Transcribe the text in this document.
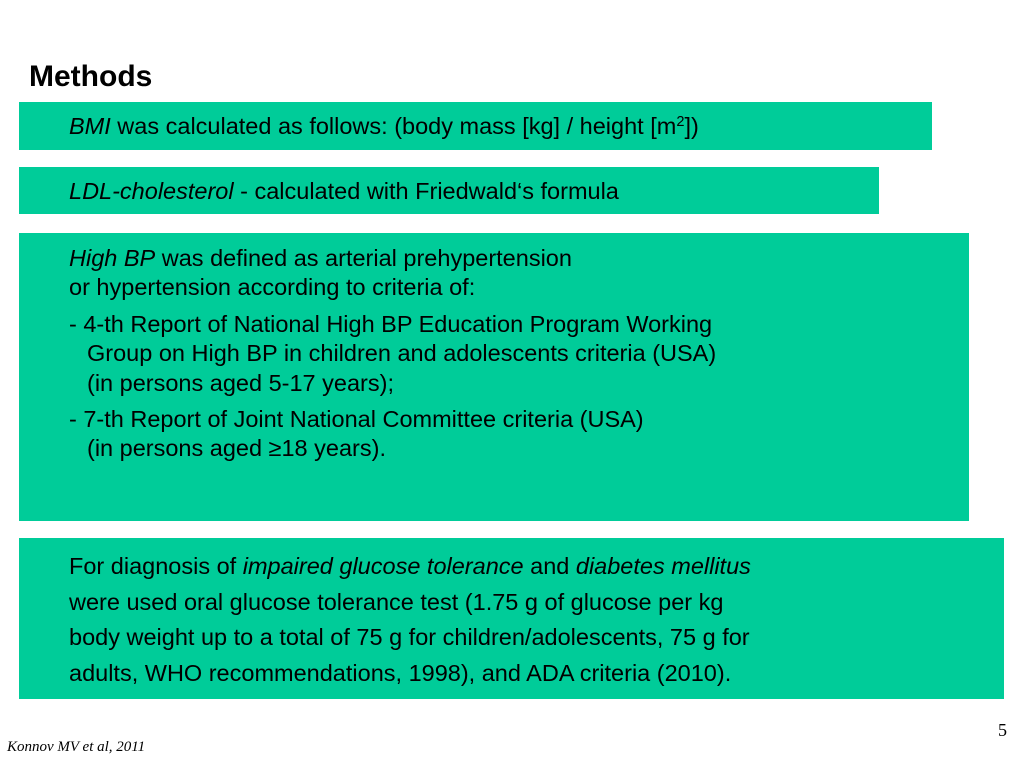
Methods
BMI was calculated as follows: (body mass [kg] / height $[m^2]$)
LDL-cholesterol - calculated with Friedwald‘s formula
High BP was defined as arterial prehypertension
or hypertension according to criteria of:
- 4-th Report of National High BP Education Program Working
Group on High BP in children and adolescents criteria (USA)
(in persons aged 5-17 years);
- 7-th Report of Joint National Committee criteria (USA)
(in persons aged ≥18 years).
For diagnosis of impaired glucose tolerance and diabetes mellitus
were used oral glucose tolerance test (1.75 g of glucose per kg
body weight up to a total of 75 g for children/adolescents, 75 g for
adults, WHO recommendations, 1998), and ADA criteria (2010).
5
Konnov MV et al, 2011
